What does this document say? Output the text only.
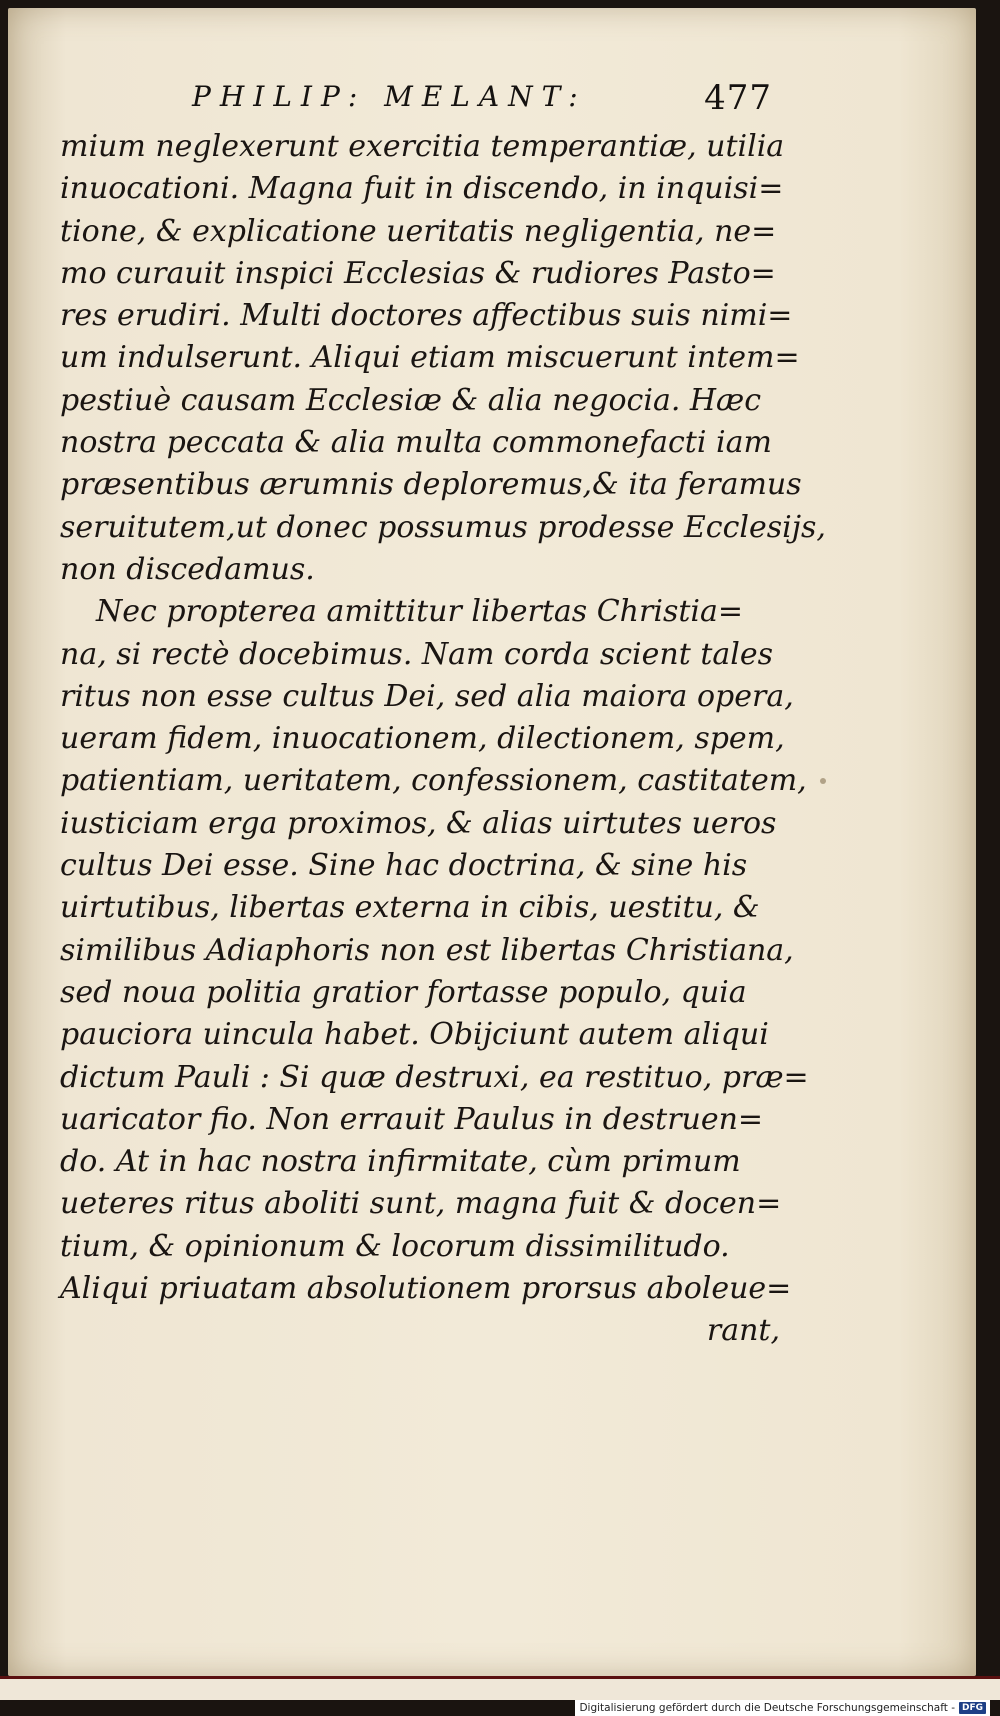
PHILIP: MELANT:	477
mium neglexerunt exercitia temperantiæ, utilia
inuocationi. Magna fuit in discendo, in inquisi=
tione, & explicatione ueritatis negligentia, ne=
mo curauit inspici Ecclesias & rudiores Pasto=
res erudiri. Multi doctores affectibus suis nimi=
um indulserunt. Aliqui etiam miscuerunt intem=
pestiuè causam Ecclesiæ & alia negocia. Hæc
nostra peccata & alia multa commonefacti iam
præsentibus ærumnis deploremus,& ita feramus
seruitutem,ut donec possumus prodesse Ecclesijs,
non discedamus.
Nec propterea amittitur libertas Christia=
na, si rectè docebimus. Nam corda scient tales
ritus non esse cultus Dei, sed alia maiora opera,
ueram fidem, inuocationem, dilectionem, spem,
patientiam, ueritatem, confessionem, castitatem,
iusticiam erga proximos, & alias uirtutes ueros
cultus Dei esse. Sine hac doctrina, & sine his
uirtutibus, libertas externa in cibis, uestitu, &
similibus Adiaphoris non est libertas Christiana,
sed noua politia gratior fortasse populo, quia
pauciora uincula habet. Obijciunt autem aliqui
dictum Pauli : Si quæ destruxi, ea restituo, præ=
uaricator fio. Non errauit Paulus in destruen=
do. At in hac nostra infirmitate, cùm primum
ueteres ritus aboliti sunt, magna fuit & docen=
tium, & opinionum & locorum dissimilitudo.
Aliqui priuatam absolutionem prorsus aboleue=
rant,
Digitalisierung gefördert durch die Deutsche Forschungsgemeinschaft - DFG
